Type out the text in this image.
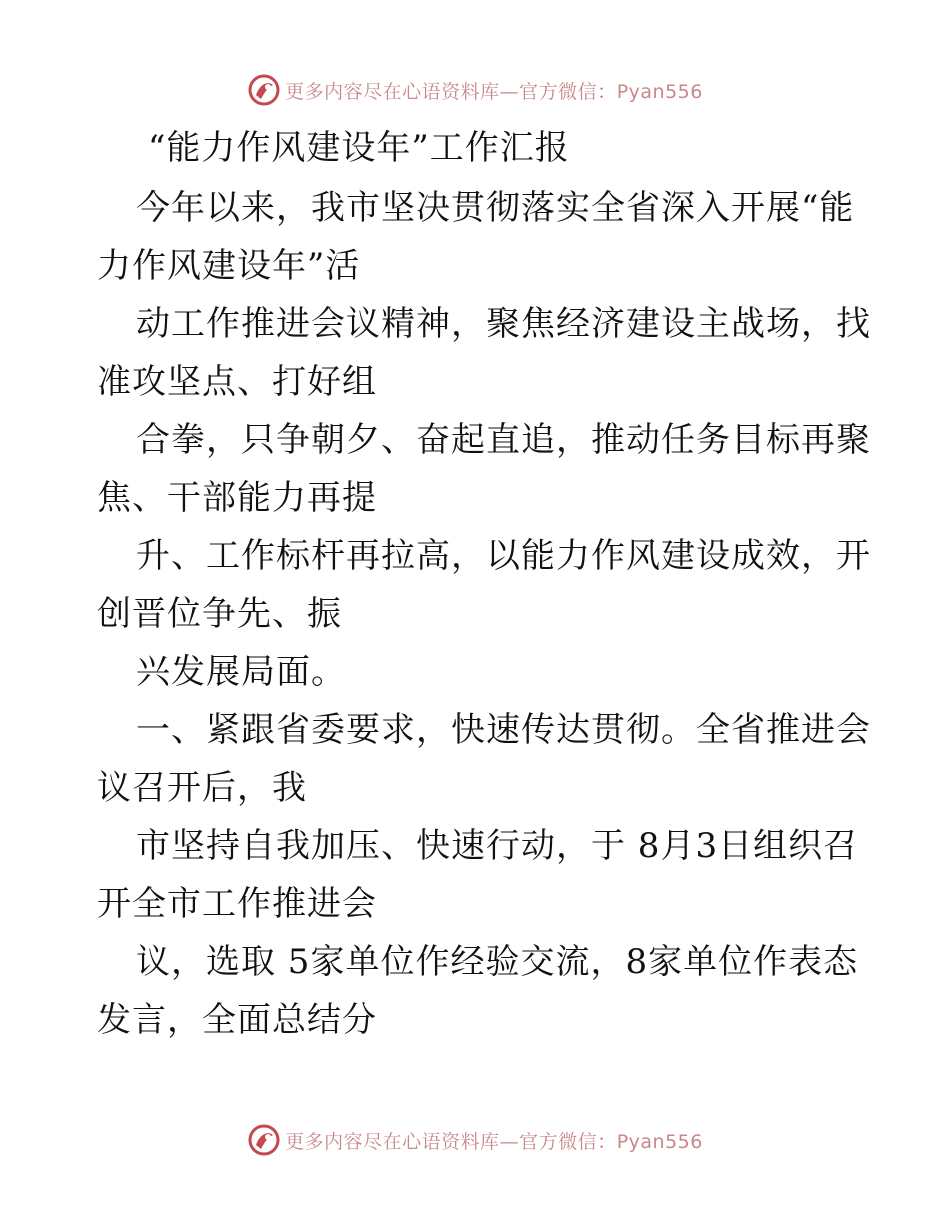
更多内容尽在心语资料库—官方微信：Pyan556
“能力作风建设年”工作汇报
今年以来，我市坚决贯彻落实全省深入开展“能
力作风建设年”活
动工作推进会议精神，聚焦经济建设主战场，找
准攻坚点、打好组
合拳，只争朝夕、奋起直追，推动任务目标再聚
焦、干部能力再提
升、工作标杆再拉高，以能力作风建设成效，开
创晋位争先、振
兴发展局面。
一、紧跟省委要求，快速传达贯彻。全省推进会
议召开后，我
市坚持自我加压、快速行动，于 8月3日组织召
开全市工作推进会
议，选取 5家单位作经验交流，8家单位作表态
发言，全面总结分
更多内容尽在心语资料库—官方微信：Pyan556
